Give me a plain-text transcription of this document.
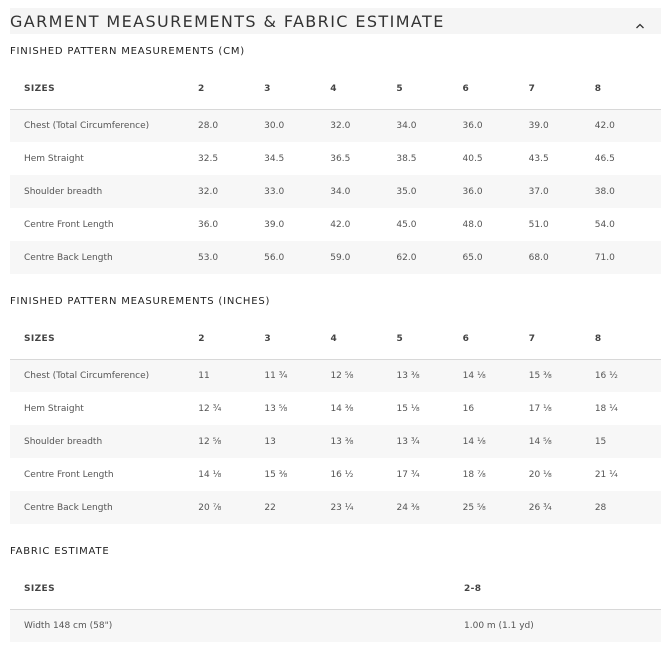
GARMENT MEASUREMENTS & FABRIC ESTIMATE
FINISHED PATTERN MEASUREMENTS (CM)
SIZES	2	3	4	5	6	7	8
Chest (Total Circumference)	28.0	30.0	32.0	34.0	36.0	39.0	42.0
Hem Straight	32.5	34.5	36.5	38.5	40.5	43.5	46.5
Shoulder breadth	32.0	33.0	34.0	35.0	36.0	37.0	38.0
Centre Front Length	36.0	39.0	42.0	45.0	48.0	51.0	54.0
Centre Back Length	53.0	56.0	59.0	62.0	65.0	68.0	71.0
FINISHED PATTERN MEASUREMENTS (INCHES)
SIZES	2	3	4	5	6	7	8
Chest (Total Circumference)	11	11 ¾	12 ⅝	13 ⅜	14 ⅛	15 ⅜	16 ½
Hem Straight	12 ¾	13 ⅝	14 ⅜	15 ⅛	16	17 ⅛	18 ¼
Shoulder breadth	12 ⅝	13	13 ⅜	13 ¾	14 ⅛	14 ⅝	15
Centre Front Length	14 ⅛	15 ⅜	16 ½	17 ¾	18 ⅞	20 ⅛	21 ¼
Centre Back Length	20 ⅞	22	23 ¼	24 ⅜	25 ⅝	26 ¾	28
FABRIC ESTIMATE
SIZES	2-8
Width 148 cm (58")	1.00 m (1.1 yd)
